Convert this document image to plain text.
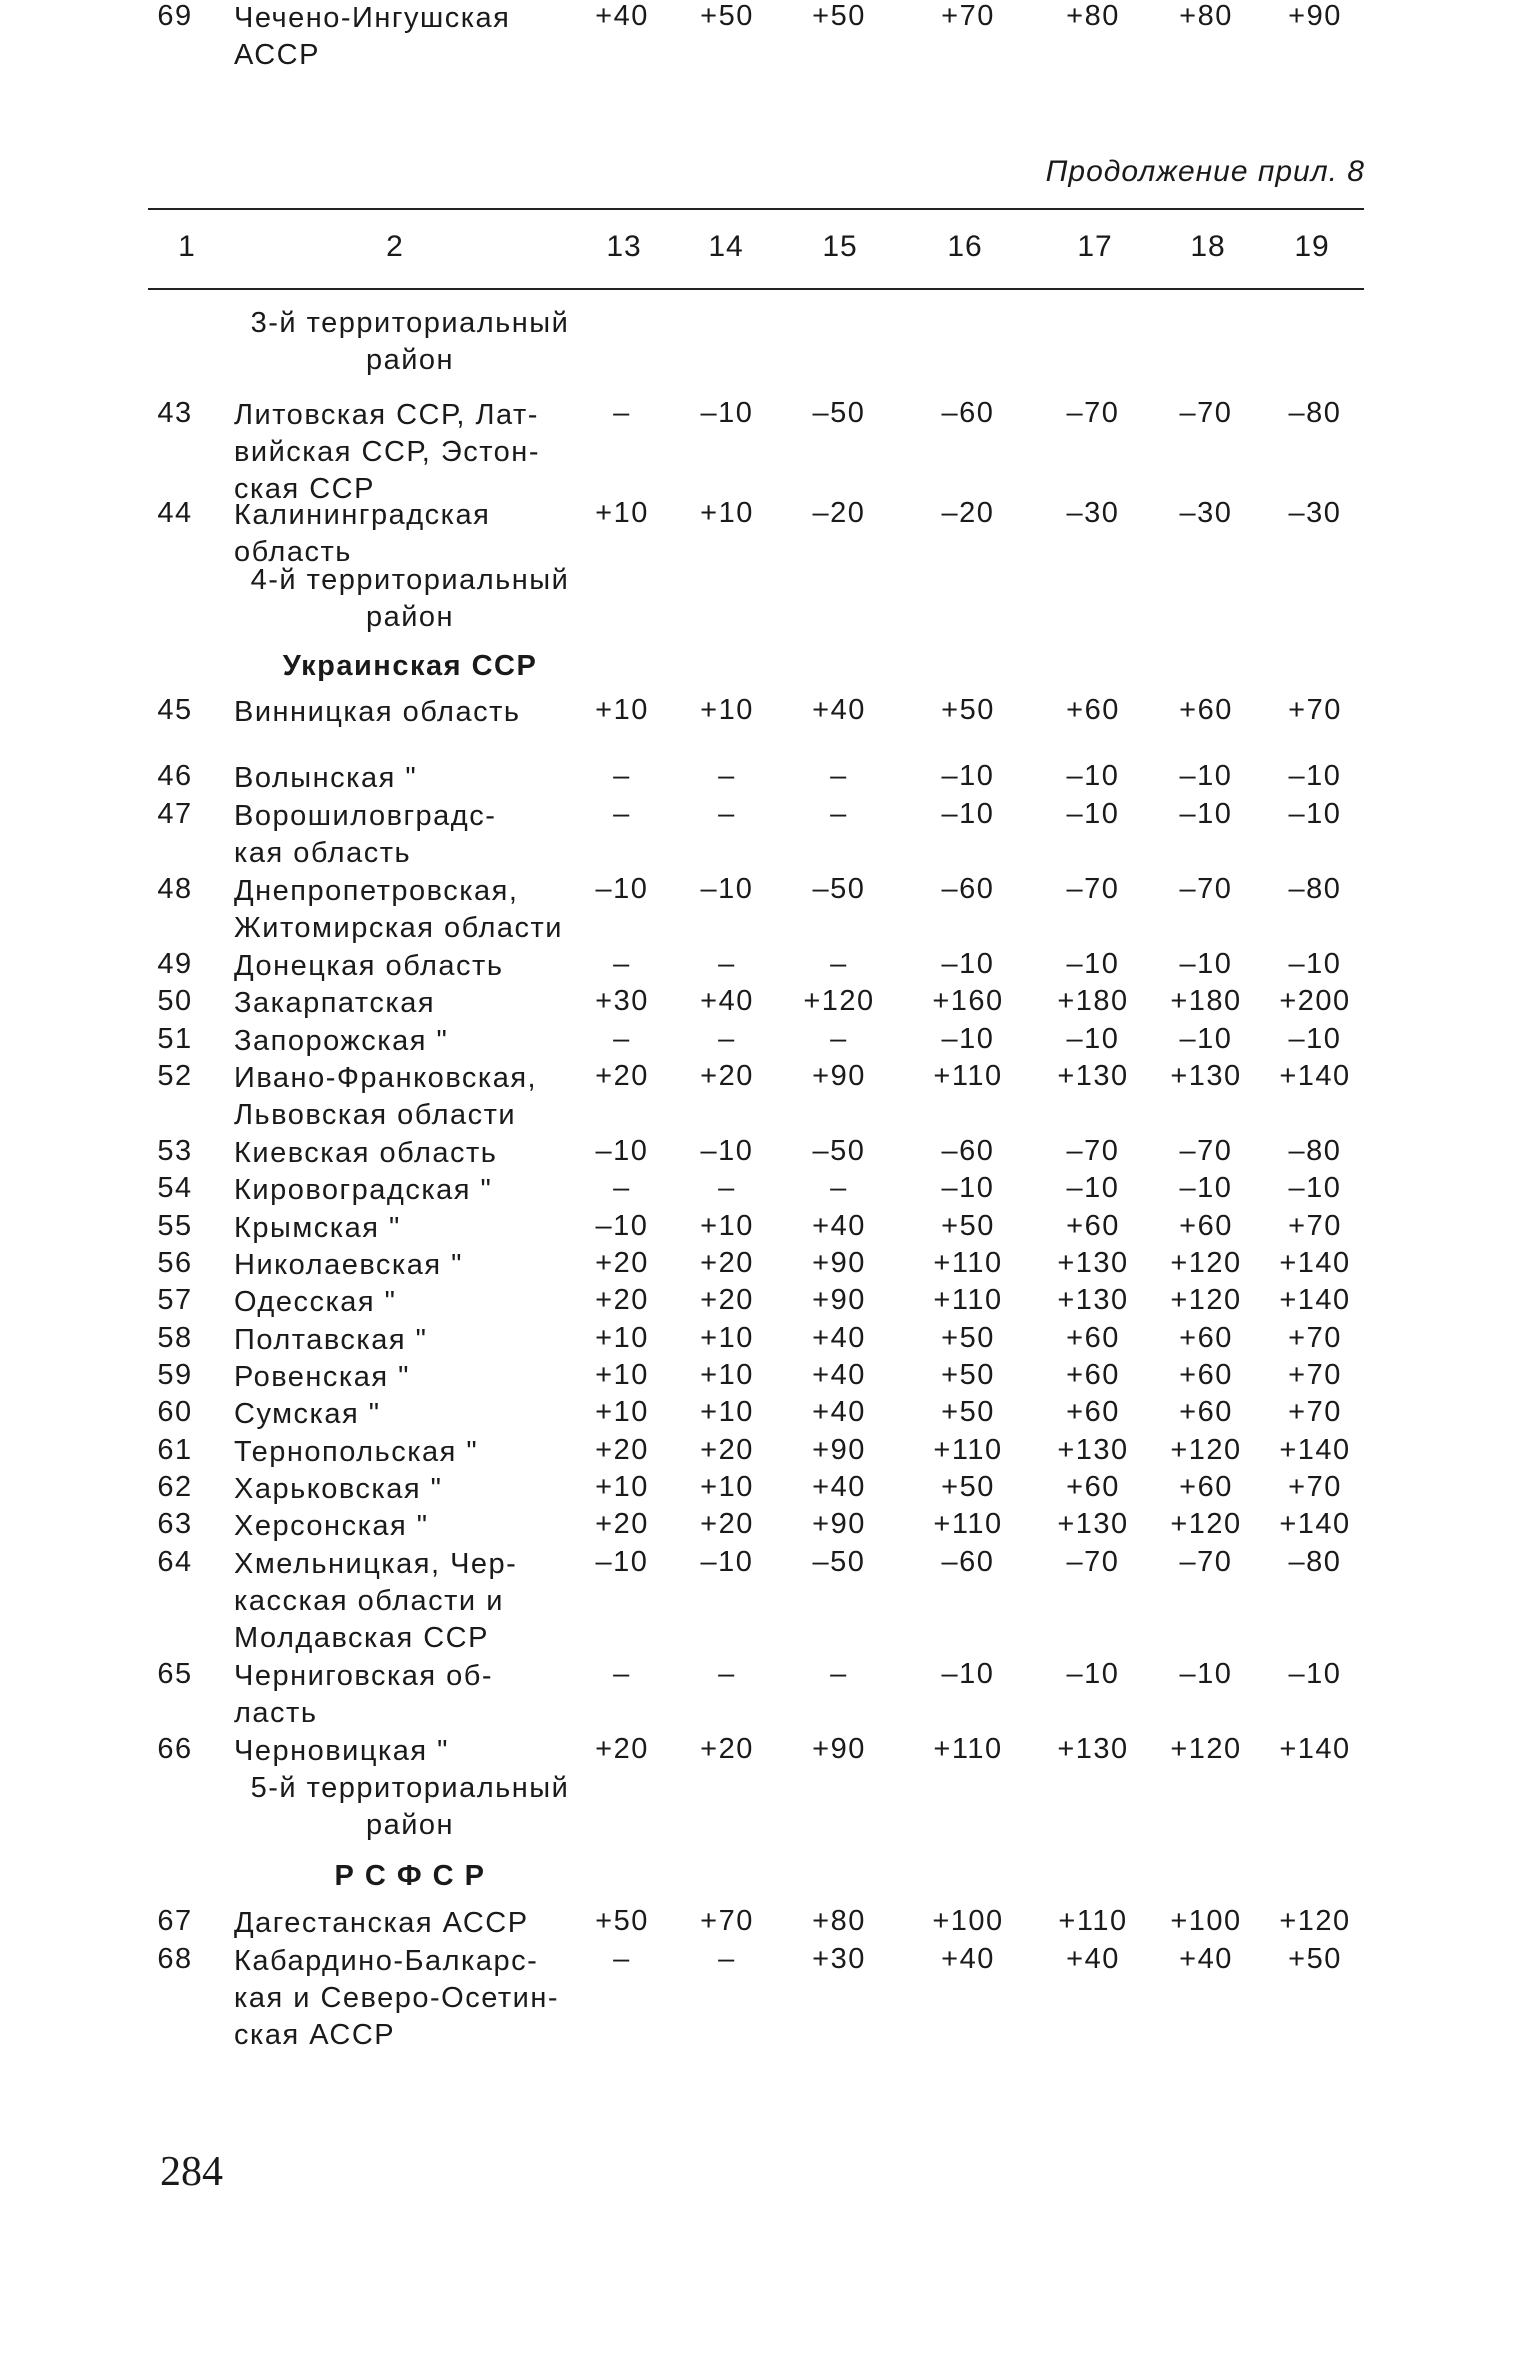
Продолжение прил. 8
1	2	13	14	15	16	17	18	19
3-й территориальный
район
43 Литовская ССР, Лат-
вийская ССР, Эстон-
ская ССР
–	–10	–50	–60	–70	–70	–80
44 Калининградская
область
+10	+10	–20	–20	–30	–30	–30
4-й территориальный
район
Украинская ССР
45 Винницкая область	+10	+10	+40	+50	+60	+60	+70
46 Волынская "	–	–	–	–10	–10	–10	–10
47 Ворошиловградс-
кая область
–	–	–	–10	–10	–10	–10
48 Днепропетровская,
Житомирская области
–10	–10	–50	–60	–70	–70	–80
49 Донецкая область	–	–	–	–10	–10	–10	–10
50 Закарпатская	+30	+40	+120	+160	+180	+180	+200
51 Запорожская "	–	–	–	–10	–10	–10	–10
52 Ивано-Франковская,
Львовская области
+20	+20	+90	+110	+130	+130	+140
53 Киевская область	–10	–10	–50	–60	–70	–70	–80
54 Кировоградская "	–	–	–	–10	–10	–10	–10
55 Крымская "	–10	+10	+40	+50	+60	+60	+70
56 Николаевская "	+20	+20	+90	+110	+130	+120	+140
57 Одесская "	+20	+20	+90	+110	+130	+120	+140
58 Полтавская "	+10	+10	+40	+50	+60	+60	+70
59 Ровенская "	+10	+10	+40	+50	+60	+60	+70
60 Сумская "	+10	+10	+40	+50	+60	+60	+70
61 Тернопольская "	+20	+20	+90	+110	+130	+120	+140
62 Харьковская "	+10	+10	+40	+50	+60	+60	+70
63 Херсонская "	+20	+20	+90	+110	+130	+120	+140
64 Хмельницкая, Чер-
касская области и
Молдавская ССР
–10	–10	–50	–60	–70	–70	–80
65 Черниговская об-
ласть
–	–	–	–10	–10	–10	–10
66 Черновицкая "	+20	+20	+90	+110	+130	+120	+140
5-й территориальный
район
Р С Ф С Р
67 Дагестанская АССР	+50	+70	+80	+100	+110	+100	+120
68 Кабардино-Балкарс-
кая и Северо-Осетин-
ская АССР
–	–	+30	+40	+40	+40	+50
69 Чечено-Ингушская
АССР
+40	+50	+50	+70	+80	+80	+90
284
